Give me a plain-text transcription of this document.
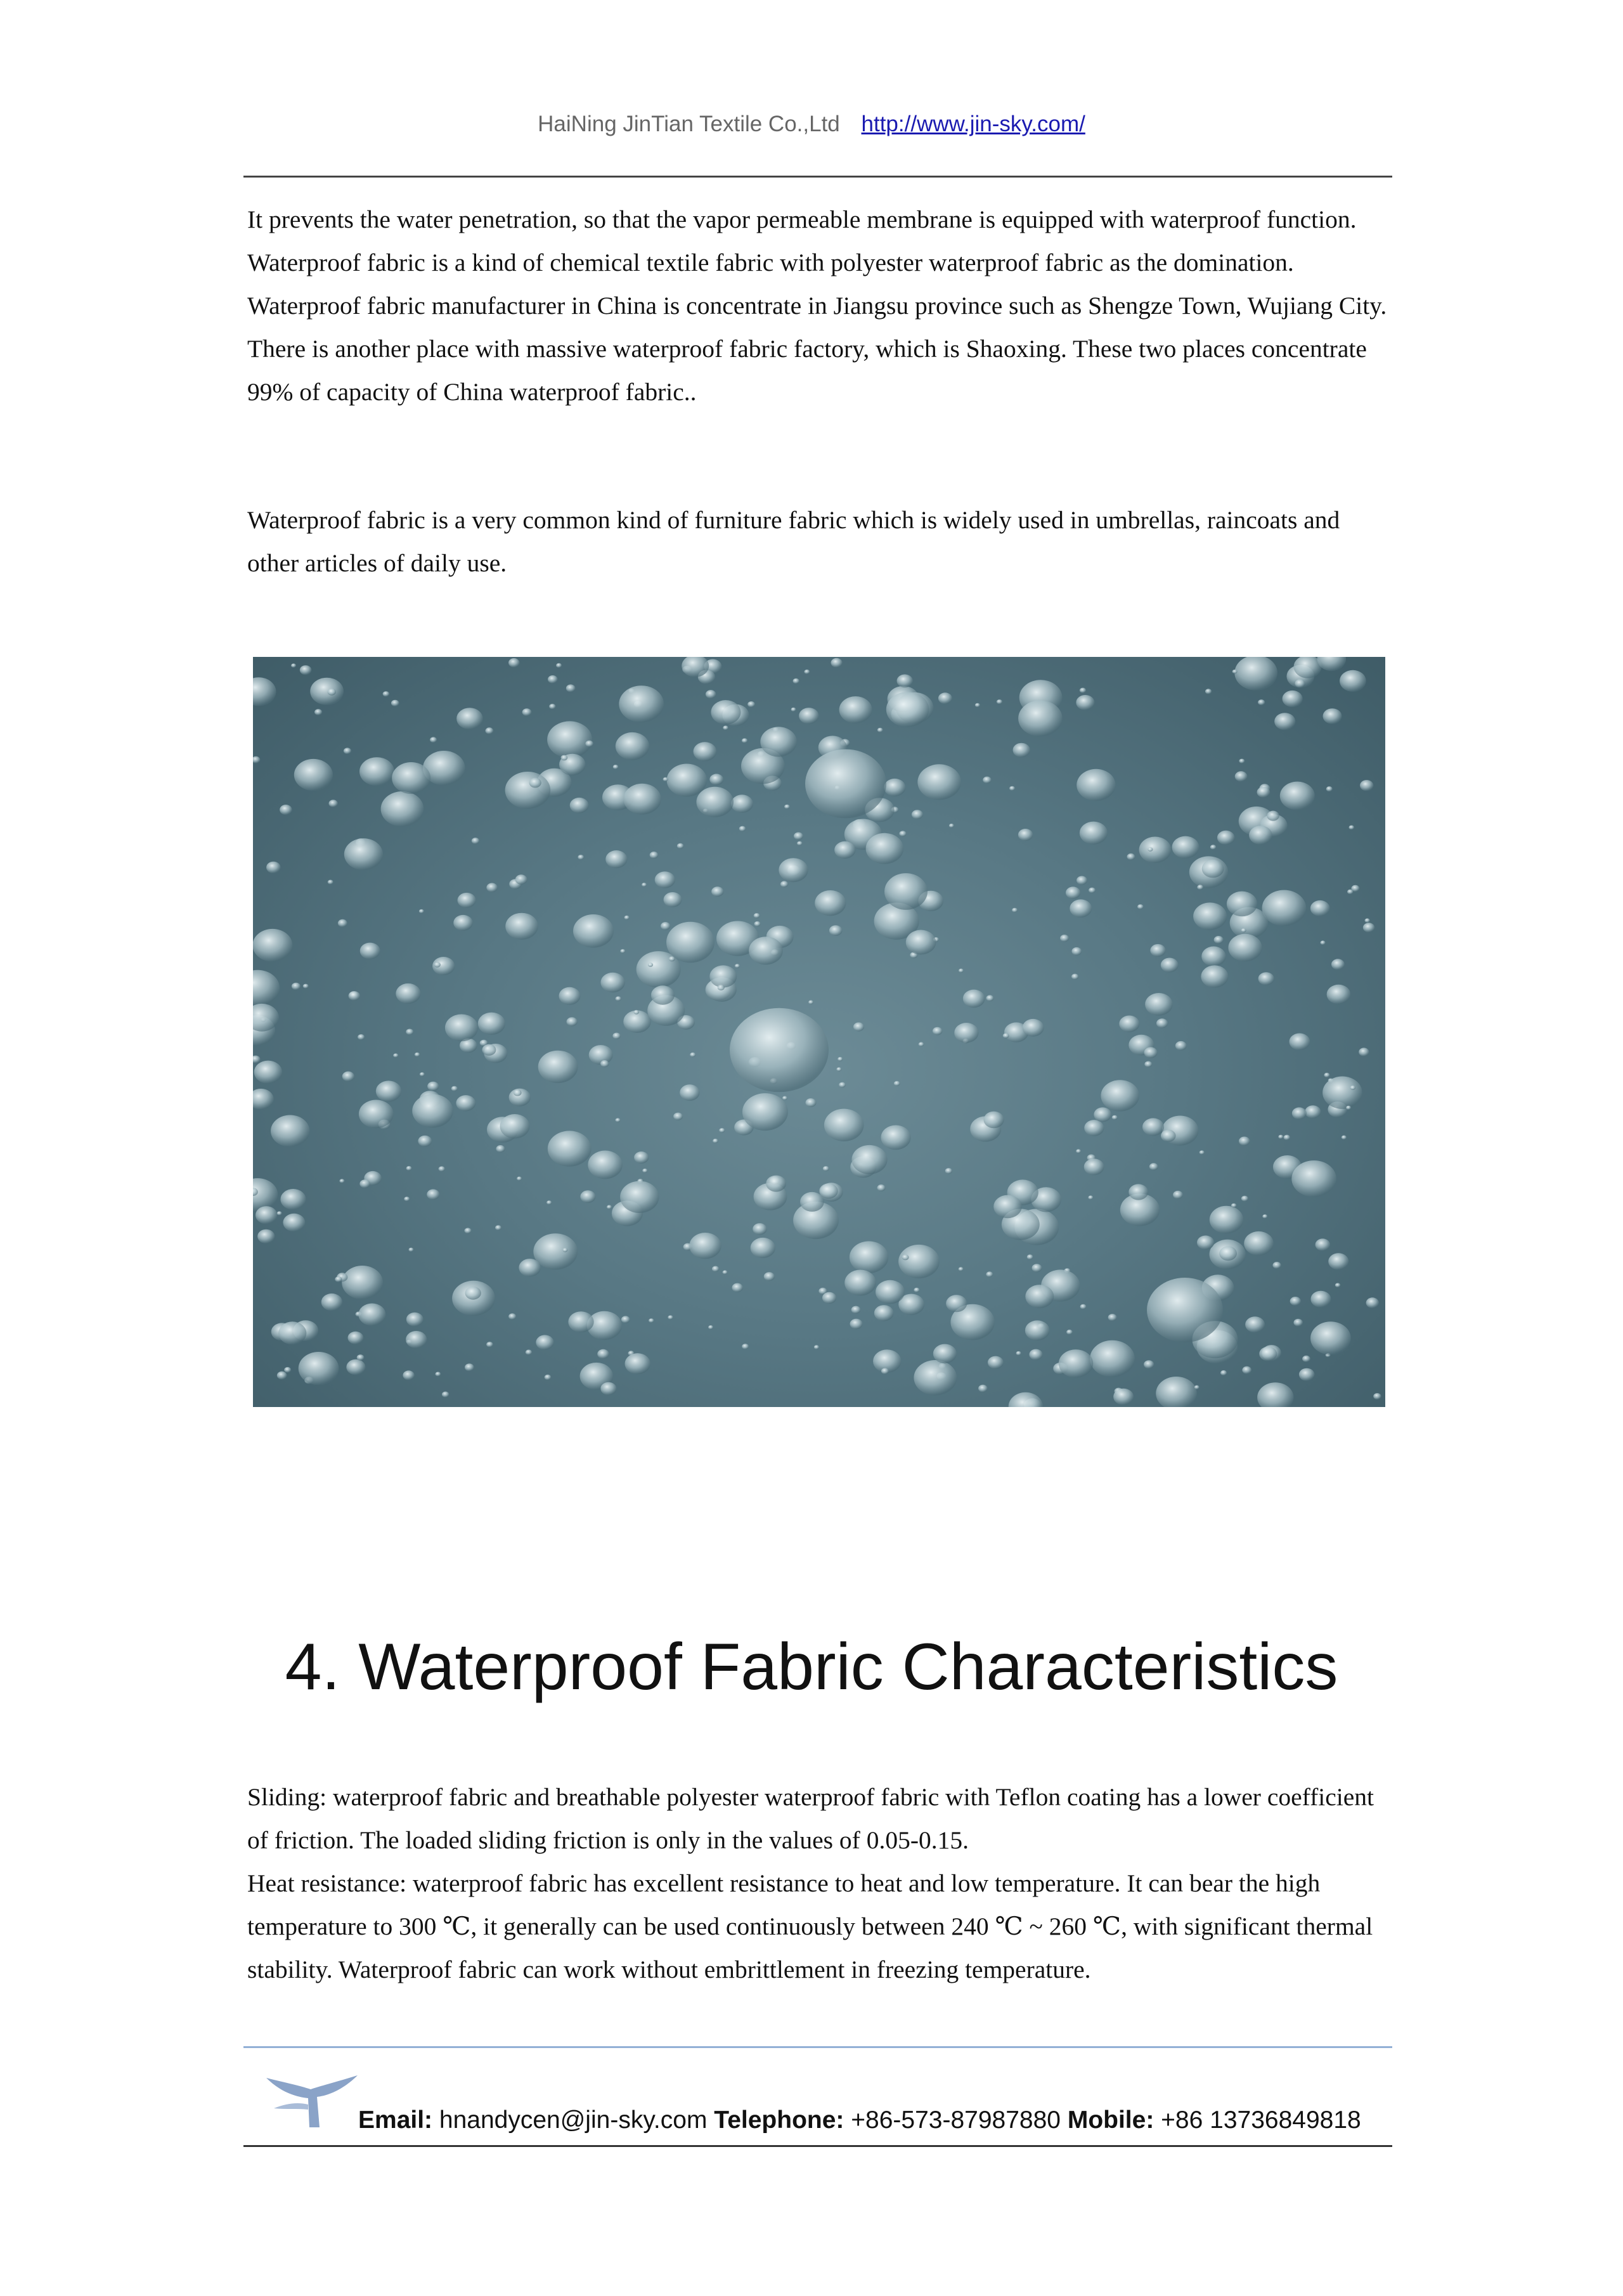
HaiNing JinTian Textile Co.,Ltd http://www.jin-sky.com/
It prevents the water penetration, so that the vapor permeable membrane is equipped with waterproof function.
Waterproof fabric is a kind of chemical textile fabric with polyester waterproof fabric as the domination. Waterproof fabric manufacturer in China is concentrate in Jiangsu province such as Shengze Town, Wujiang City. There is another place with massive waterproof fabric factory, which is Shaoxing. These two places concentrate 99% of capacity of China waterproof fabric..

Waterproof fabric is a very common kind of furniture fabric which is widely used in umbrellas, raincoats and other articles of daily use.

4. Waterproof Fabric Characteristics
Sliding: waterproof fabric and breathable polyester waterproof fabric with Teflon coating has a lower coefficient of friction. The loaded sliding friction is only in the values of 0.05-0.15.
Heat resistance: waterproof fabric has excellent resistance to heat and low temperature. It can bear the high temperature to 300 ℃, it generally can be used continuously between 240 ℃ ~ 260 ℃, with significant thermal stability. Waterproof fabric can work without embrittlement in freezing temperature.
Email: hnandycen@jin-sky.com Telephone: +86-573-87987880 Mobile: +86 13736849818
